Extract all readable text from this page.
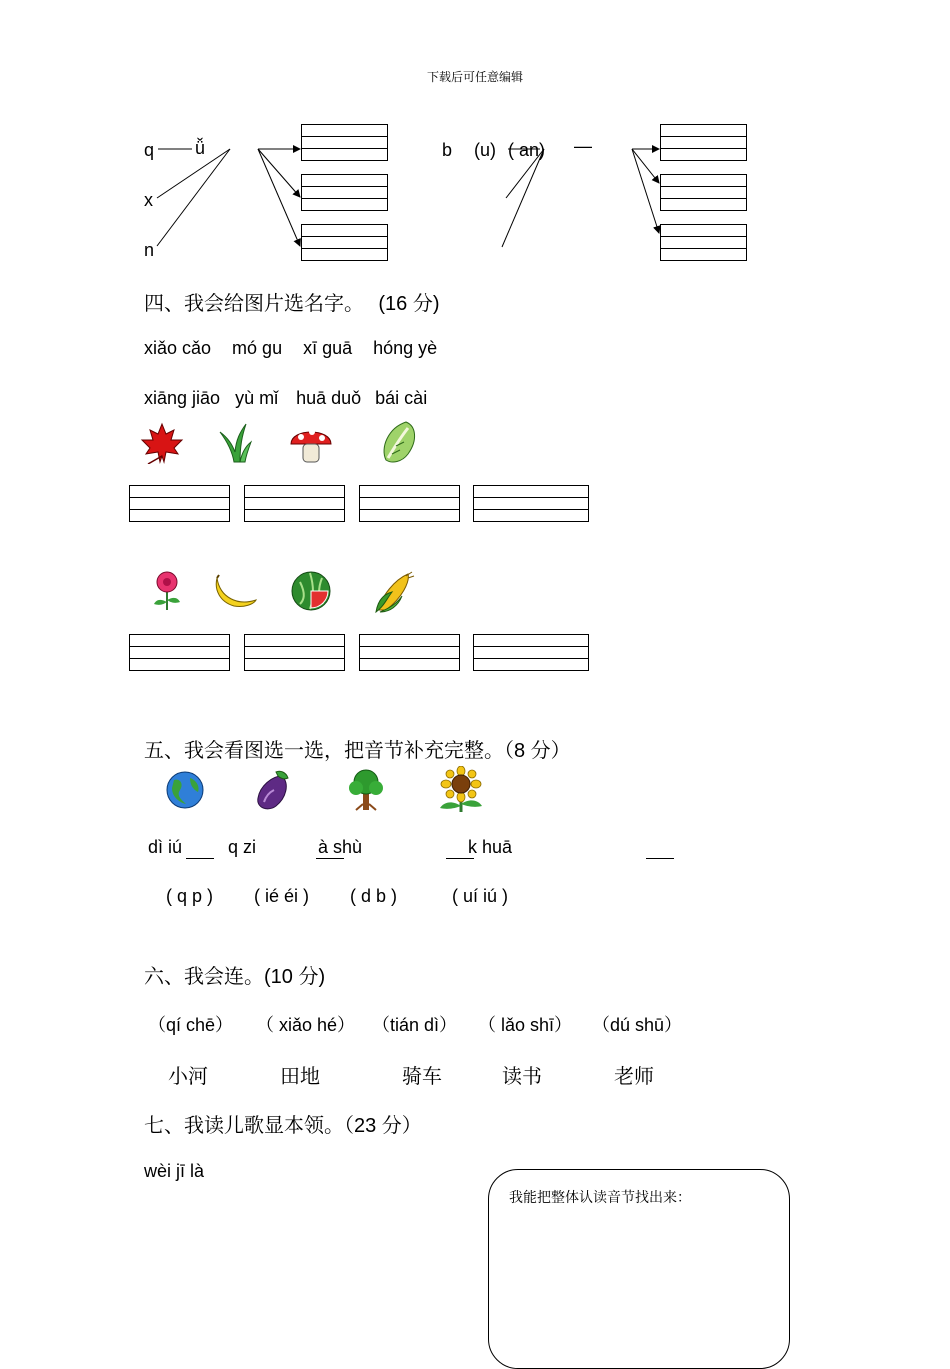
下载后可任意编辑
q
x
n
ǚ	b (u) ( an) —
四、我会给图片选名字。 (16 分)
xiǎo cǎo mó gu xī guā hóng yè
xiāng jiāo yù mǐ huā duǒ bái cài
五、我会看图选一选，把音节补充完整。（8 分）
dì iú	q zi	à shù	k huā
( q p ) ( ié éi ) ( d b )	( uí iú )
六、我会连。(10 分)
（qí chē） （ xiǎo hé） （tián dì） （ lǎo shī） （dú shū）
小河	田地	骑车	读书	老师
七、我读儿歌显本领。（23 分）
wèi jī là
我能把整体认读音节找出来：
